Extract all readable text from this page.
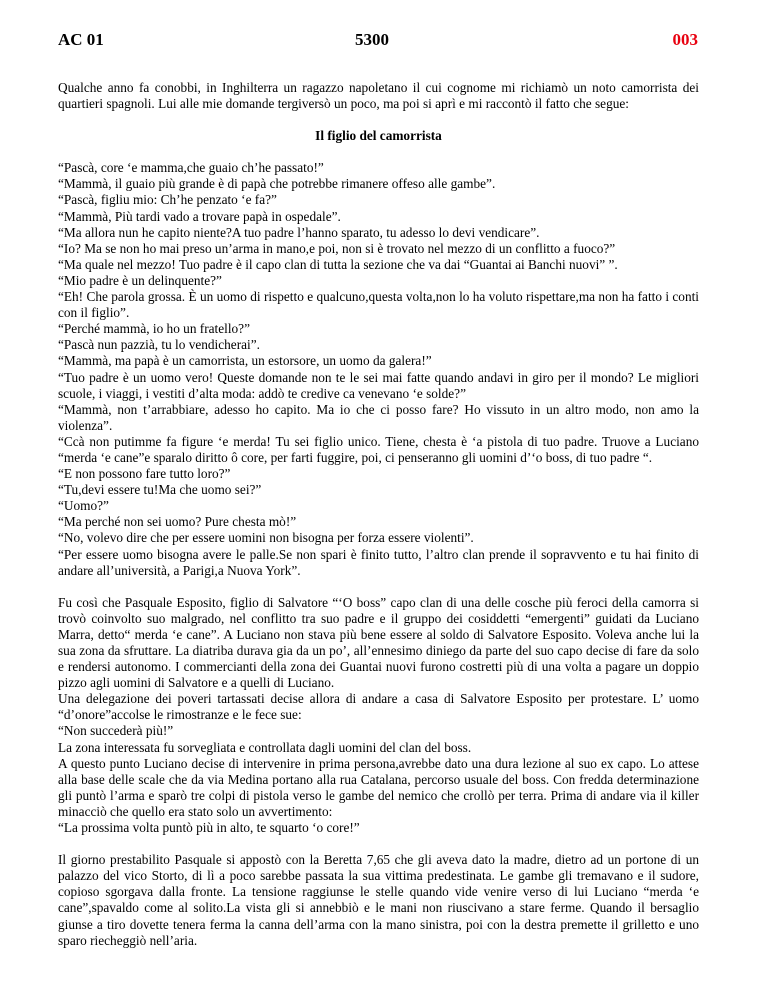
AC 01	5300	003

Qualche anno fa conobbi, in Inghilterra un ragazzo napoletano il cui cognome mi richiamò un noto camorrista dei quartieri spagnoli. Lui alle mie domande tergiversò un poco, ma poi si aprì e mi raccontò il fatto che segue:

Il figlio del camorrista

“Pascà, core ‘e mamma,che guaio ch’he passato!”

“Mammà, il guaio più grande è di papà che potrebbe rimanere offeso alle gambe”.

“Pascà, figliu mio: Ch’he penzato ‘e fa?”

“Mammà, Più tardi vado a trovare papà in ospedale”.

“Ma allora nun he capito niente?A tuo padre l’hanno sparato, tu adesso lo devi vendicare”.

“Io? Ma se non ho mai preso un’arma in mano,e poi, non si è trovato nel mezzo di un conflitto a fuoco?”

“Ma quale nel mezzo! Tuo padre è il capo clan di tutta la sezione che va dai “Guantai ai Banchi nuovi” ”.

“Mio padre è un delinquente?”

“Eh! Che parola grossa. È un uomo di rispetto e qualcuno,questa volta,non lo ha voluto rispettare,ma non ha fatto i conti con il figlio”.

“Perché mammà, io ho un fratello?”

“Pascà nun pazzià, tu lo vendicherai”.

“Mammà, ma papà è un camorrista, un estorsore, un uomo da galera!”

“Tuo padre è un uomo vero! Queste domande non te le sei mai fatte quando andavi in giro per il mondo? Le migliori scuole, i viaggi, i vestiti d’alta moda: addò te credive ca venevano ‘e solde?”

“Mammà, non t’arrabbiare, adesso ho capito. Ma io che ci posso fare? Ho vissuto in un altro modo, non amo la violenza”.

“Ccà non putimme fa figure ‘e merda! Tu sei figlio unico. Tiene, chesta è ‘a pistola di tuo padre. Truove a Luciano “merda ‘e cane”e sparalo diritto ô core, per farti fuggire, poi, ci penseranno gli uomini d’‘o boss, di tuo padre “.

“E non possono fare tutto loro?”

“Tu,devi essere tu!Ma che uomo sei?”

“Uomo?”

“Ma perché non sei uomo? Pure chesta mò!”

“No, volevo dire che per essere uomini non bisogna per forza essere violenti”.

“Per essere uomo bisogna avere le palle.Se non spari è finito tutto, l’altro clan prende il sopravvento e tu hai finito di andare all’università, a Parigi,a Nuova York”.

Fu così che Pasquale Esposito, figlio di Salvatore “‘O boss” capo clan di una delle cosche più feroci della camorra si trovò coinvolto suo malgrado, nel conflitto tra suo padre e il gruppo dei cosiddetti “emergenti” guidati da Luciano Marra, detto“ merda ‘e cane”. A Luciano non stava più bene essere al soldo di Salvatore Esposito. Voleva anche lui la sua zona da sfruttare. La diatriba durava gia da un po’, all’ennesimo diniego da parte del suo capo decise di fare da solo e rendersi autonomo. I commercianti della zona dei Guantai nuovi furono costretti più di una volta a pagare un doppio pizzo agli uomini di Salvatore e a quelli di Luciano.

Una delegazione dei poveri tartassati decise allora di andare a casa di Salvatore Esposito per protestare. L’ uomo “d’onore”accolse le rimostranze e le fece sue:

“Non succederà più!”

La zona interessata fu sorvegliata e controllata dagli uomini del clan del boss.

A questo punto Luciano decise di intervenire in prima persona,avrebbe dato una dura lezione al suo ex capo. Lo attese alla base delle scale che da via Medina portano alla rua Catalana, percorso usuale del boss. Con fredda determinazione gli puntò l’arma e sparò tre colpi di pistola verso le gambe del nemico che crollò per terra. Prima di andare via il killer minacciò che quello era stato solo un avvertimento:

“La prossima volta puntò più in alto, te squarto ‘o core!”

Il giorno prestabilito Pasquale si appostò con la Beretta 7,65 che gli aveva dato la madre, dietro ad un portone di un palazzo del vico Storto, di lì a poco sarebbe passata la sua vittima predestinata. Le gambe gli tremavano e il sudore, copioso sgorgava dalla fronte. La tensione raggiunse le stelle quando vide venire verso di lui Luciano “merda ‘e cane”,spavaldo come al solito.La vista gli si annebbiò e le mani non riuscivano a stare ferme. Quando il bersaglio giunse a tiro dovette tenera ferma la canna dell’arma con la mano sinistra, poi con la destra premette il grilletto e uno sparo riecheggiò nell’aria.
